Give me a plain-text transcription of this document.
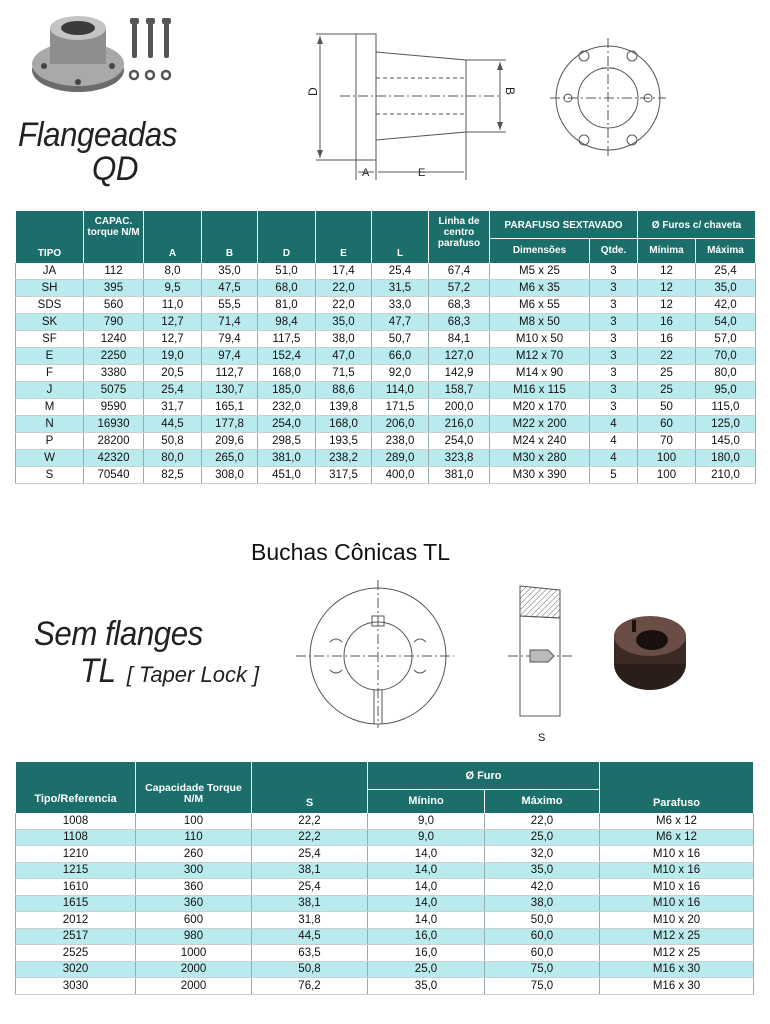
Flangeadas
QD
D	B
A	E
TIPO	CAPAC. torque N/M	A	B	D	E	L	Linha de centro parafuso	PARAFUSO SEXTAVADO		Ø Furos c/ chaveta	
								Dimensões	Qtde.	Mínima	Máxima
JA	112	8,0	35,0	51,0	17,4	25,4	67,4	M5 x 25	3	12	25,4
SH	395	9,5	47,5	68,0	22,0	31,5	57,2	M6 x 35	3	12	35,0
SDS	560	11,0	55,5	81,0	22,0	33,0	68,3	M6 x 55	3	12	42,0
SK	790	12,7	71,4	98,4	35,0	47,7	68,3	M8 x 50	3	16	54,0
SF	1240	12,7	79,4	117,5	38,0	50,7	84,1	M10 x 50	3	16	57,0
E	2250	19,0	97,4	152,4	47,0	66,0	127,0	M12 x 70	3	22	70,0
F	3380	20,5	112,7	168,0	71,5	92,0	142,9	M14 x 90	3	25	80,0
J	5075	25,4	130,7	185,0	88,6	114,0	158,7	M16 x 115	3	25	95,0
M	9590	31,7	165,1	232,0	139,8	171,5	200,0	M20 x 170	3	50	115,0
N	16930	44,5	177,8	254,0	168,0	206,0	216,0	M22 x 200	4	60	125,0
P	28200	50,8	209,6	298,5	193,5	238,0	254,0	M24 x 240	4	70	145,0
W	42320	80,0	265,0	381,0	238,2	289,0	323,8	M30 x 280	4	100	180,0
S	70540	82,5	308,0	451,0	317,5	400,0	381,0	M30 x 390	5	100	210,0
Buchas Cônicas TL
Sem flanges
TL [ Taper Lock ]
S
Tipo/Referencia	Capacidade Torque N/M	S	Ø Furo		Parafuso
			Mínino	Máximo	
1008	100	22,2	9,0	22,0	M6 x 12
1108	110	22,2	9,0	25,0	M6 x 12
1210	260	25,4	14,0	32,0	M10 x 16
1215	300	38,1	14,0	35,0	M10 x 16
1610	360	25,4	14,0	42,0	M10 x 16
1615	360	38,1	14,0	38,0	M10 x 16
2012	600	31,8	14,0	50,0	M10 x 20
2517	980	44,5	16,0	60,0	M12 x 25
2525	1000	63,5	16,0	60,0	M12 x 25
3020	2000	50,8	25,0	75,0	M16 x 30
3030	2000	76,2	35,0	75,0	M16 x 30
